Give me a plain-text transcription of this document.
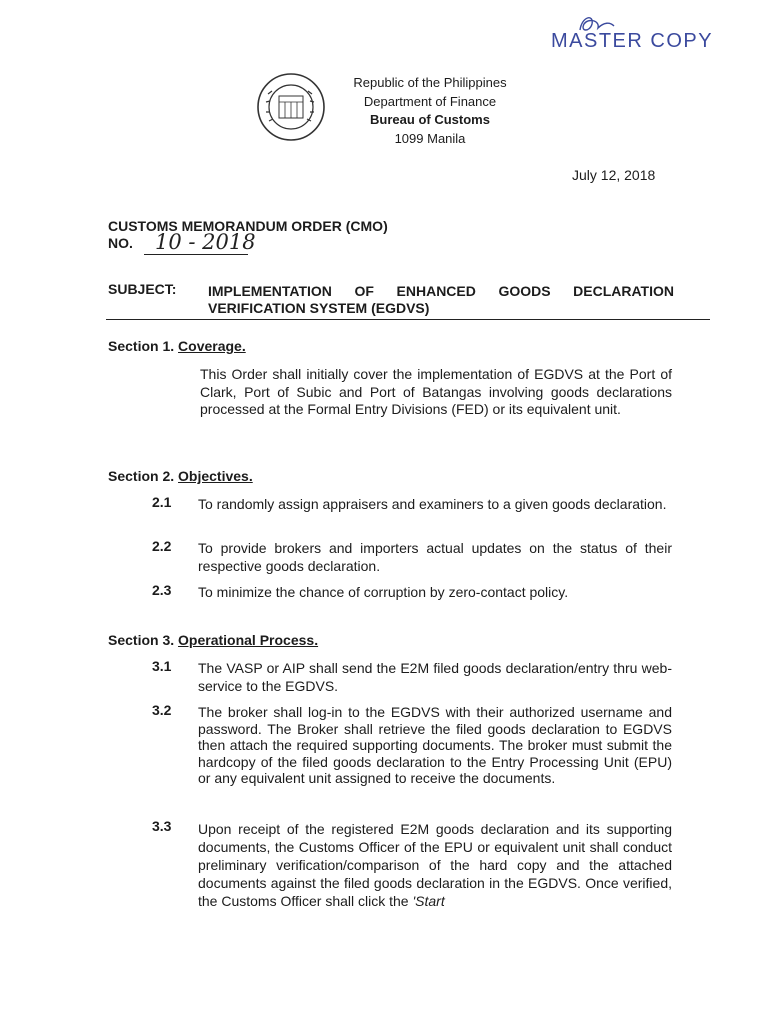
MASTER COPY
Republic of the Philippines
Department of Finance
Bureau of Customs
1099 Manila
July 12, 2018
CUSTOMS MEMORANDUM ORDER (CMO)
NO. 10 - 2018
SUBJECT: IMPLEMENTATION OF ENHANCED GOODS DECLARATION VERIFICATION SYSTEM (EGDVS)
Section 1. Coverage.
This Order shall initially cover the implementation of EGDVS at the Port of Clark, Port of Subic and Port of Batangas involving goods declarations processed at the Formal Entry Divisions (FED) or its equivalent unit.
Section 2. Objectives.
2.1 To randomly assign appraisers and examiners to a given goods declaration.
2.2 To provide brokers and importers actual updates on the status of their respective goods declaration.
2.3 To minimize the chance of corruption by zero-contact policy.
Section 3. Operational Process.
3.1 The VASP or AIP shall send the E2M filed goods declaration/entry thru web-service to the EGDVS.
3.2 The broker shall log-in to the EGDVS with their authorized username and password. The Broker shall retrieve the filed goods declaration to EGDVS then attach the required supporting documents. The broker must submit the hardcopy of the filed goods declaration to the Entry Processing Unit (EPU) or any equivalent unit assigned to receive the documents.
3.3 Upon receipt of the registered E2M goods declaration and its supporting documents, the Customs Officer of the EPU or equivalent unit shall conduct preliminary verification/comparison of the hard copy and the attached documents against the filed goods declaration in the EGDVS. Once verified, the Customs Officer shall click the 'Start
